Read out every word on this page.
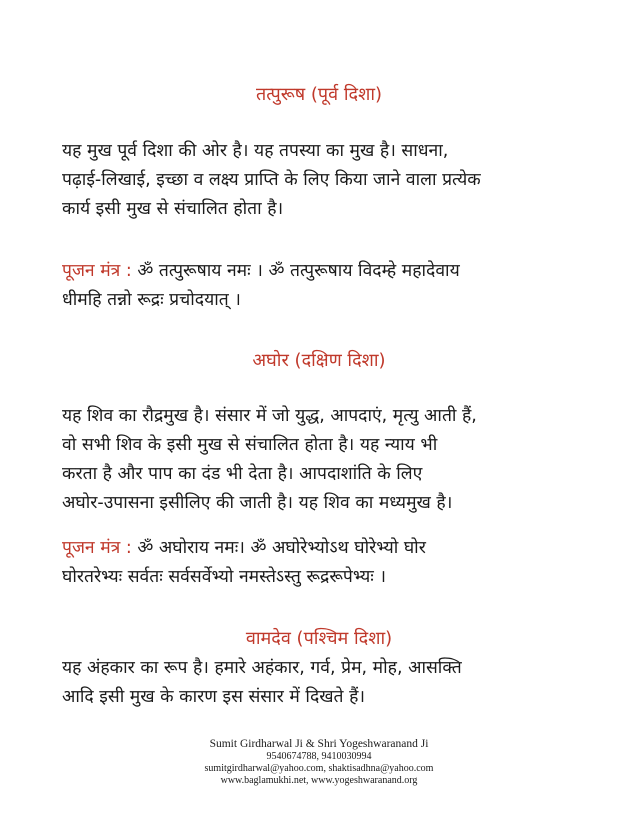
तत्पुरूष (पूर्व दिशा)
यह मुख पूर्व दिशा की ओर है। यह तपस्या का मुख है। साधना,
पढ़ाई-लिखाई, इच्छा व लक्ष्य प्राप्ति के लिए किया जाने वाला प्रत्येक
कार्य इसी मुख से संचालित होता है।
पूजन मंत्र : ॐ तत्पुरूषाय नमः । ॐ तत्पुरूषाय विदम्हे महादेवाय
धीमहि तन्नो रूद्रः प्रचोदयात् ।
अघोर (दक्षिण दिशा)
यह शिव का रौद्रमुख है। संसार में जो युद्ध, आपदाएं, मृत्यु आती हैं,
वो सभी शिव के इसी मुख से संचालित होता है। यह न्याय भी
करता है और पाप का दंड भी देता है। आपदाशांति के लिए
अघोर-उपासना इसीलिए की जाती है। यह शिव का मध्यमुख है।
पूजन मंत्र : ॐ अघोराय नमः। ॐ अघोरेभ्योऽथ घोरेभ्यो घोर
घोरतरेभ्यः सर्वतः सर्वसर्वेभ्यो नमस्तेऽस्तु रूद्ररूपेभ्यः ।
वामदेव (पश्चिम दिशा)
यह अंहकार का रूप है। हमारे अहंकार, गर्व, प्रेम, मोह, आसक्ति
आदि इसी मुख के कारण इस संसार में दिखते हैं।
Sumit Girdharwal Ji & Shri Yogeshwaranand Ji
9540674788, 9410030994
sumitgirdharwal@yahoo.com, shaktisadhna@yahoo.com
www.baglamukhi.net, www.yogeshwaranand.org
